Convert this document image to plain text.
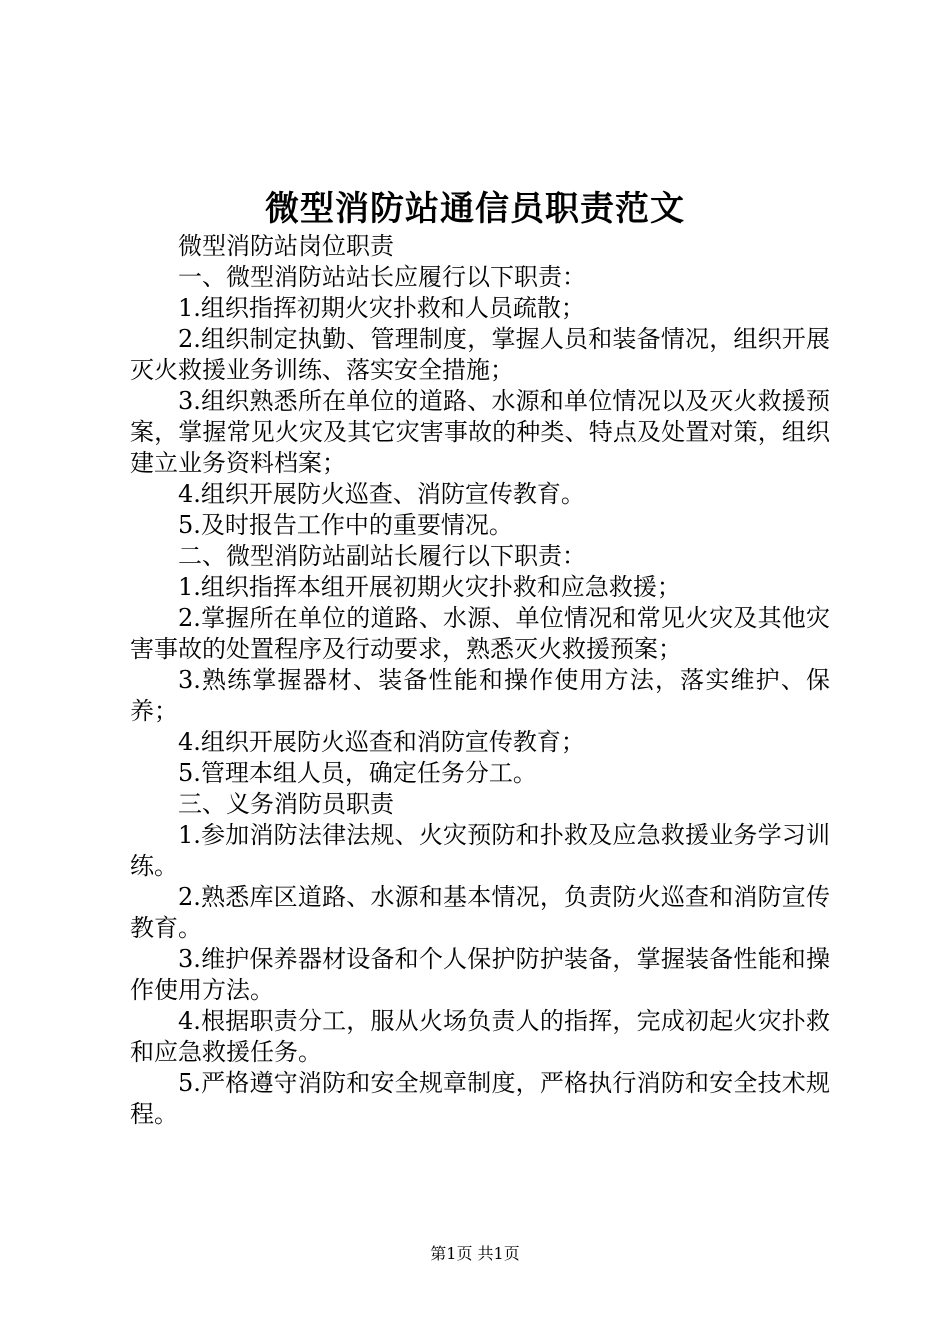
微型消防站通信员职责范文

微型消防站岗位职责

一、微型消防站站长应履行以下职责：

1.组织指挥初期火灾扑救和人员疏散；

2.组织制定执勤、管理制度，掌握人员和装备情况，组织开展灭火救援业务训练、落实安全措施；

3.组织熟悉所在单位的道路、水源和单位情况以及灭火救援预案，掌握常见火灾及其它灾害事故的种类、特点及处置对策，组织建立业务资料档案；

4.组织开展防火巡查、消防宣传教育。

5.及时报告工作中的重要情况。

二、微型消防站副站长履行以下职责：

1.组织指挥本组开展初期火灾扑救和应急救援；

2.掌握所在单位的道路、水源、单位情况和常见火灾及其他灾害事故的处置程序及行动要求，熟悉灭火救援预案；

3.熟练掌握器材、装备性能和操作使用方法，落实维护、保养；

4.组织开展防火巡查和消防宣传教育；

5.管理本组人员，确定任务分工。

三、义务消防员职责

1.参加消防法律法规、火灾预防和扑救及应急救援业务学习训练。

2.熟悉库区道路、水源和基本情况，负责防火巡查和消防宣传教育。

3.维护保养器材设备和个人保护防护装备，掌握装备性能和操作使用方法。

4.根据职责分工，服从火场负责人的指挥，完成初起火灾扑救和应急救援任务。

5.严格遵守消防和安全规章制度，严格执行消防和安全技术规程。

第1页 共1页
